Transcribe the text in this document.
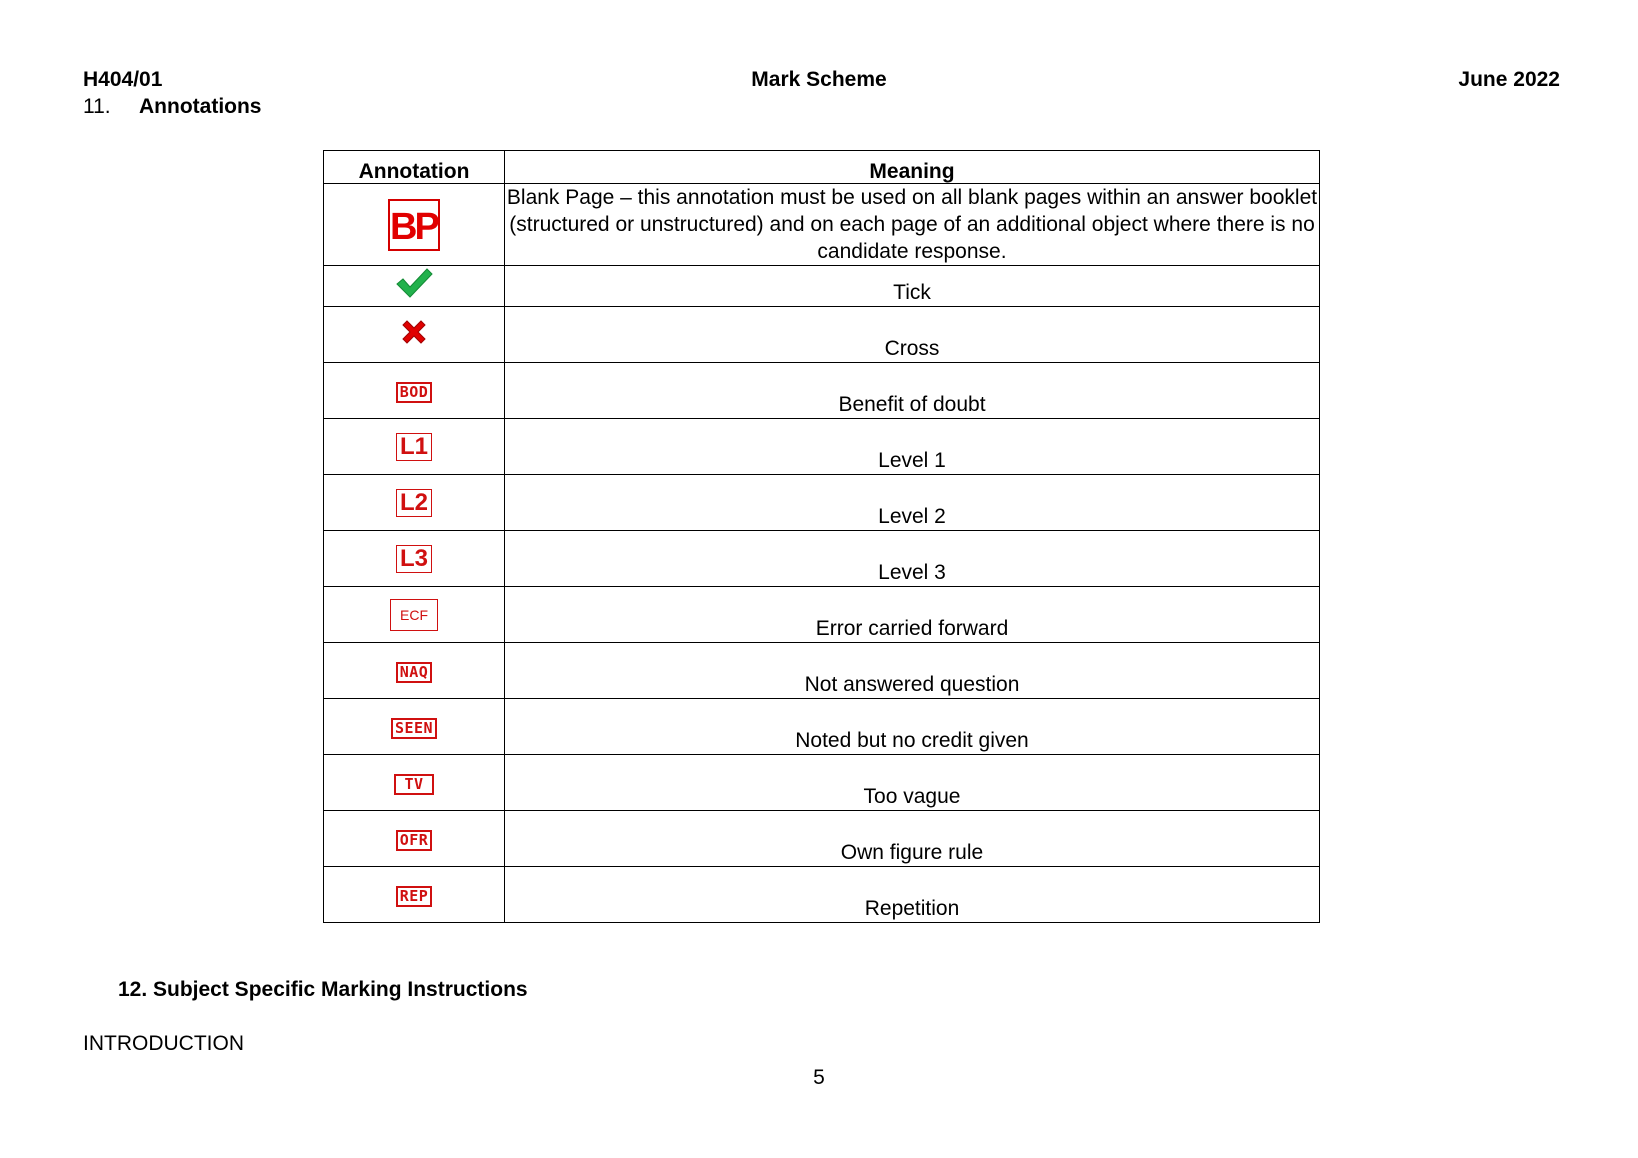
H404/01	Mark Scheme	June 2022
11. Annotations
Annotation	Meaning
BP	Blank Page – this annotation must be used on all blank pages within an answer booklet (structured or unstructured) and on each page of an additional object where there is no candidate response.
	Tick
	Cross
BOD	Benefit of doubt
L1	Level 1
L2	Level 2
L3	Level 3
ECF	Error carried forward
NAQ	Not answered question
SEEN	Noted but no credit given
TV	Too vague
OFR	Own figure rule
REP	Repetition
12. Subject Specific Marking Instructions
INTRODUCTION
5
